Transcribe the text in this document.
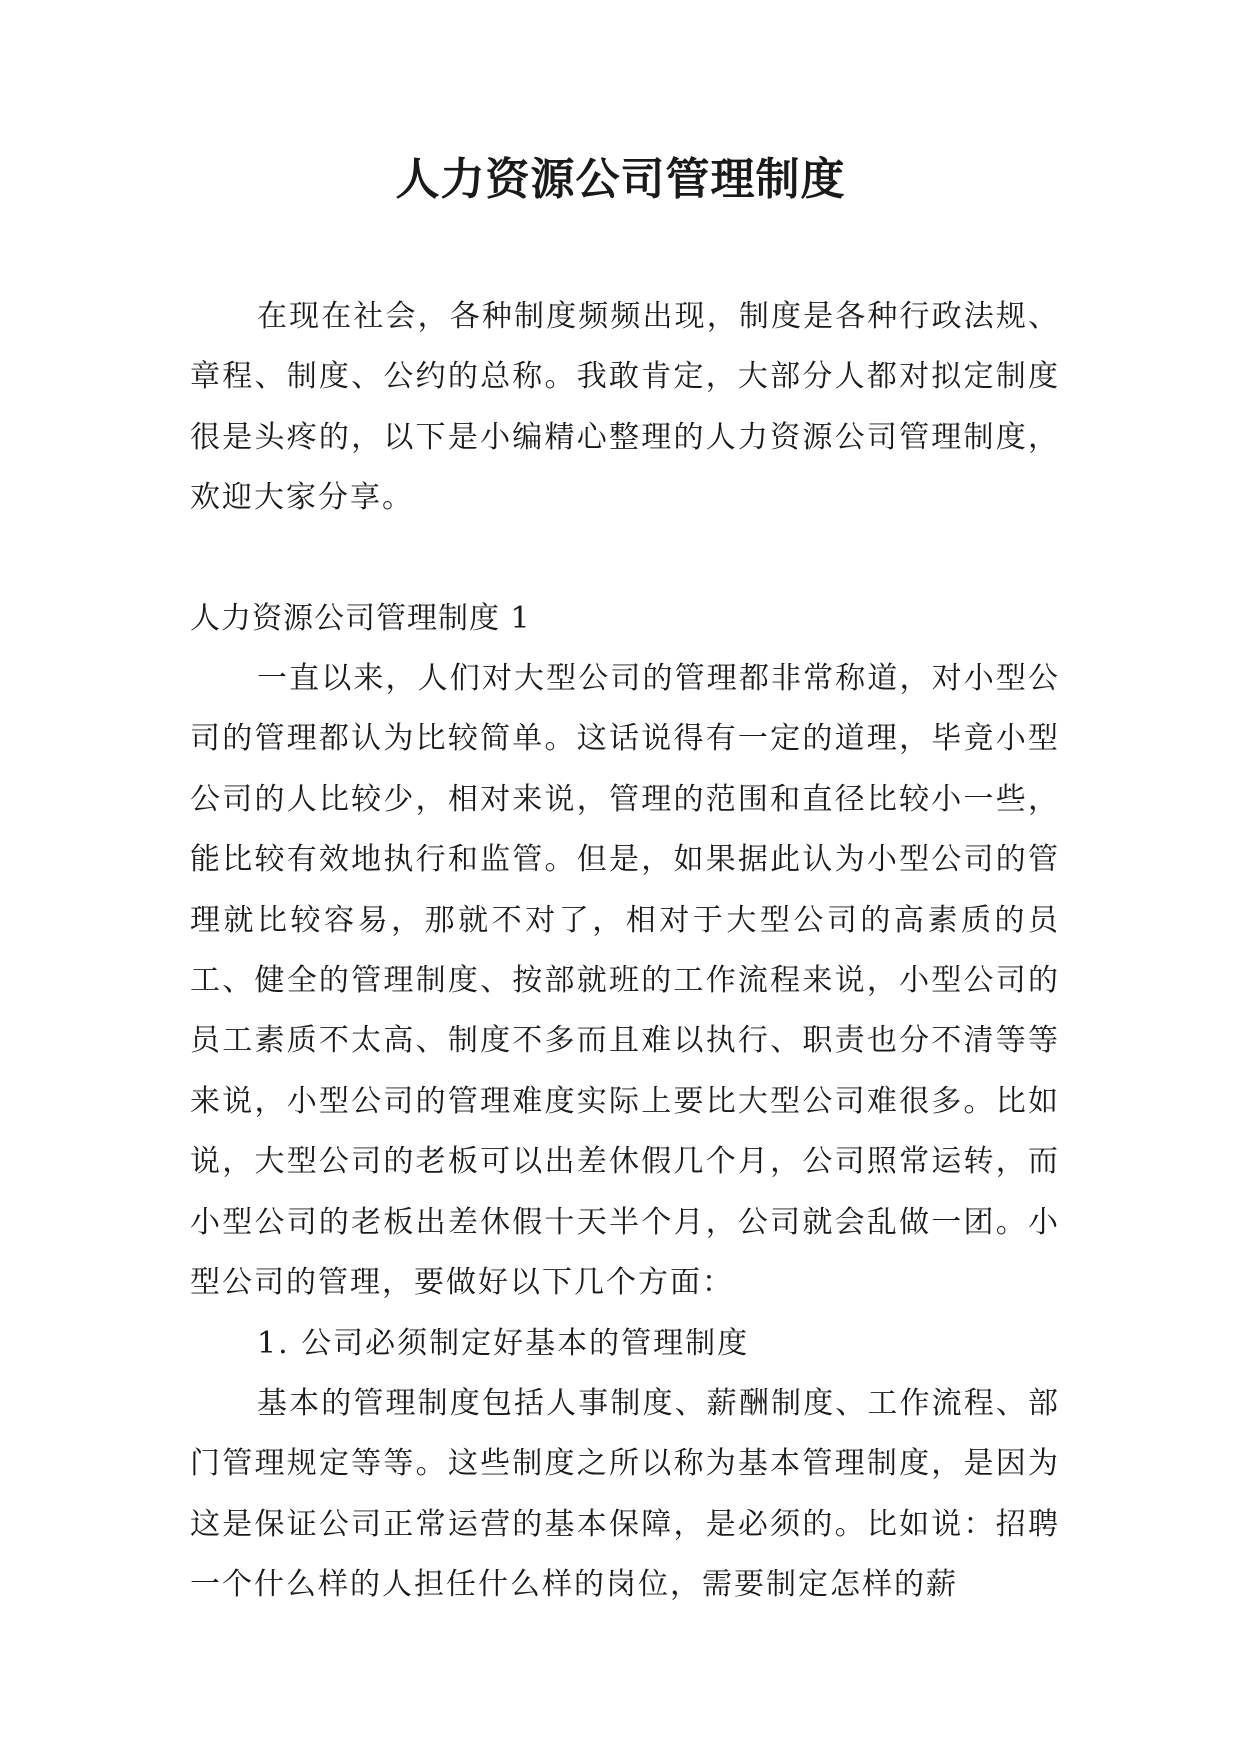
人力资源公司管理制度

在现在社会，各种制度频频出现，制度是各种行政法规、章程、制度、公约的总称。我敢肯定，大部分人都对拟定制度很是头疼的，以下是小编精心整理的人力资源公司管理制度，欢迎大家分享。

人力资源公司管理制度 1

一直以来，人们对大型公司的管理都非常称道，对小型公司的管理都认为比较简单。这话说得有一定的道理，毕竟小型公司的人比较少，相对来说，管理的范围和直径比较小一些，能比较有效地执行和监管。但是，如果据此认为小型公司的管理就比较容易，那就不对了，相对于大型公司的高素质的员工、健全的管理制度、按部就班的工作流程来说，小型公司的员工素质不太高、制度不多而且难以执行、职责也分不清等等来说，小型公司的管理难度实际上要比大型公司难很多。比如说，大型公司的老板可以出差休假几个月，公司照常运转，而小型公司的老板出差休假十天半个月，公司就会乱做一团。小型公司的管理，要做好以下几个方面：

1. 公司必须制定好基本的管理制度

基本的管理制度包括人事制度、薪酬制度、工作流程、部门管理规定等等。这些制度之所以称为基本管理制度，是因为这是保证公司正常运营的基本保障，是必须的。比如说：招聘一个什么样的人担任什么样的岗位，需要制定怎样的薪
